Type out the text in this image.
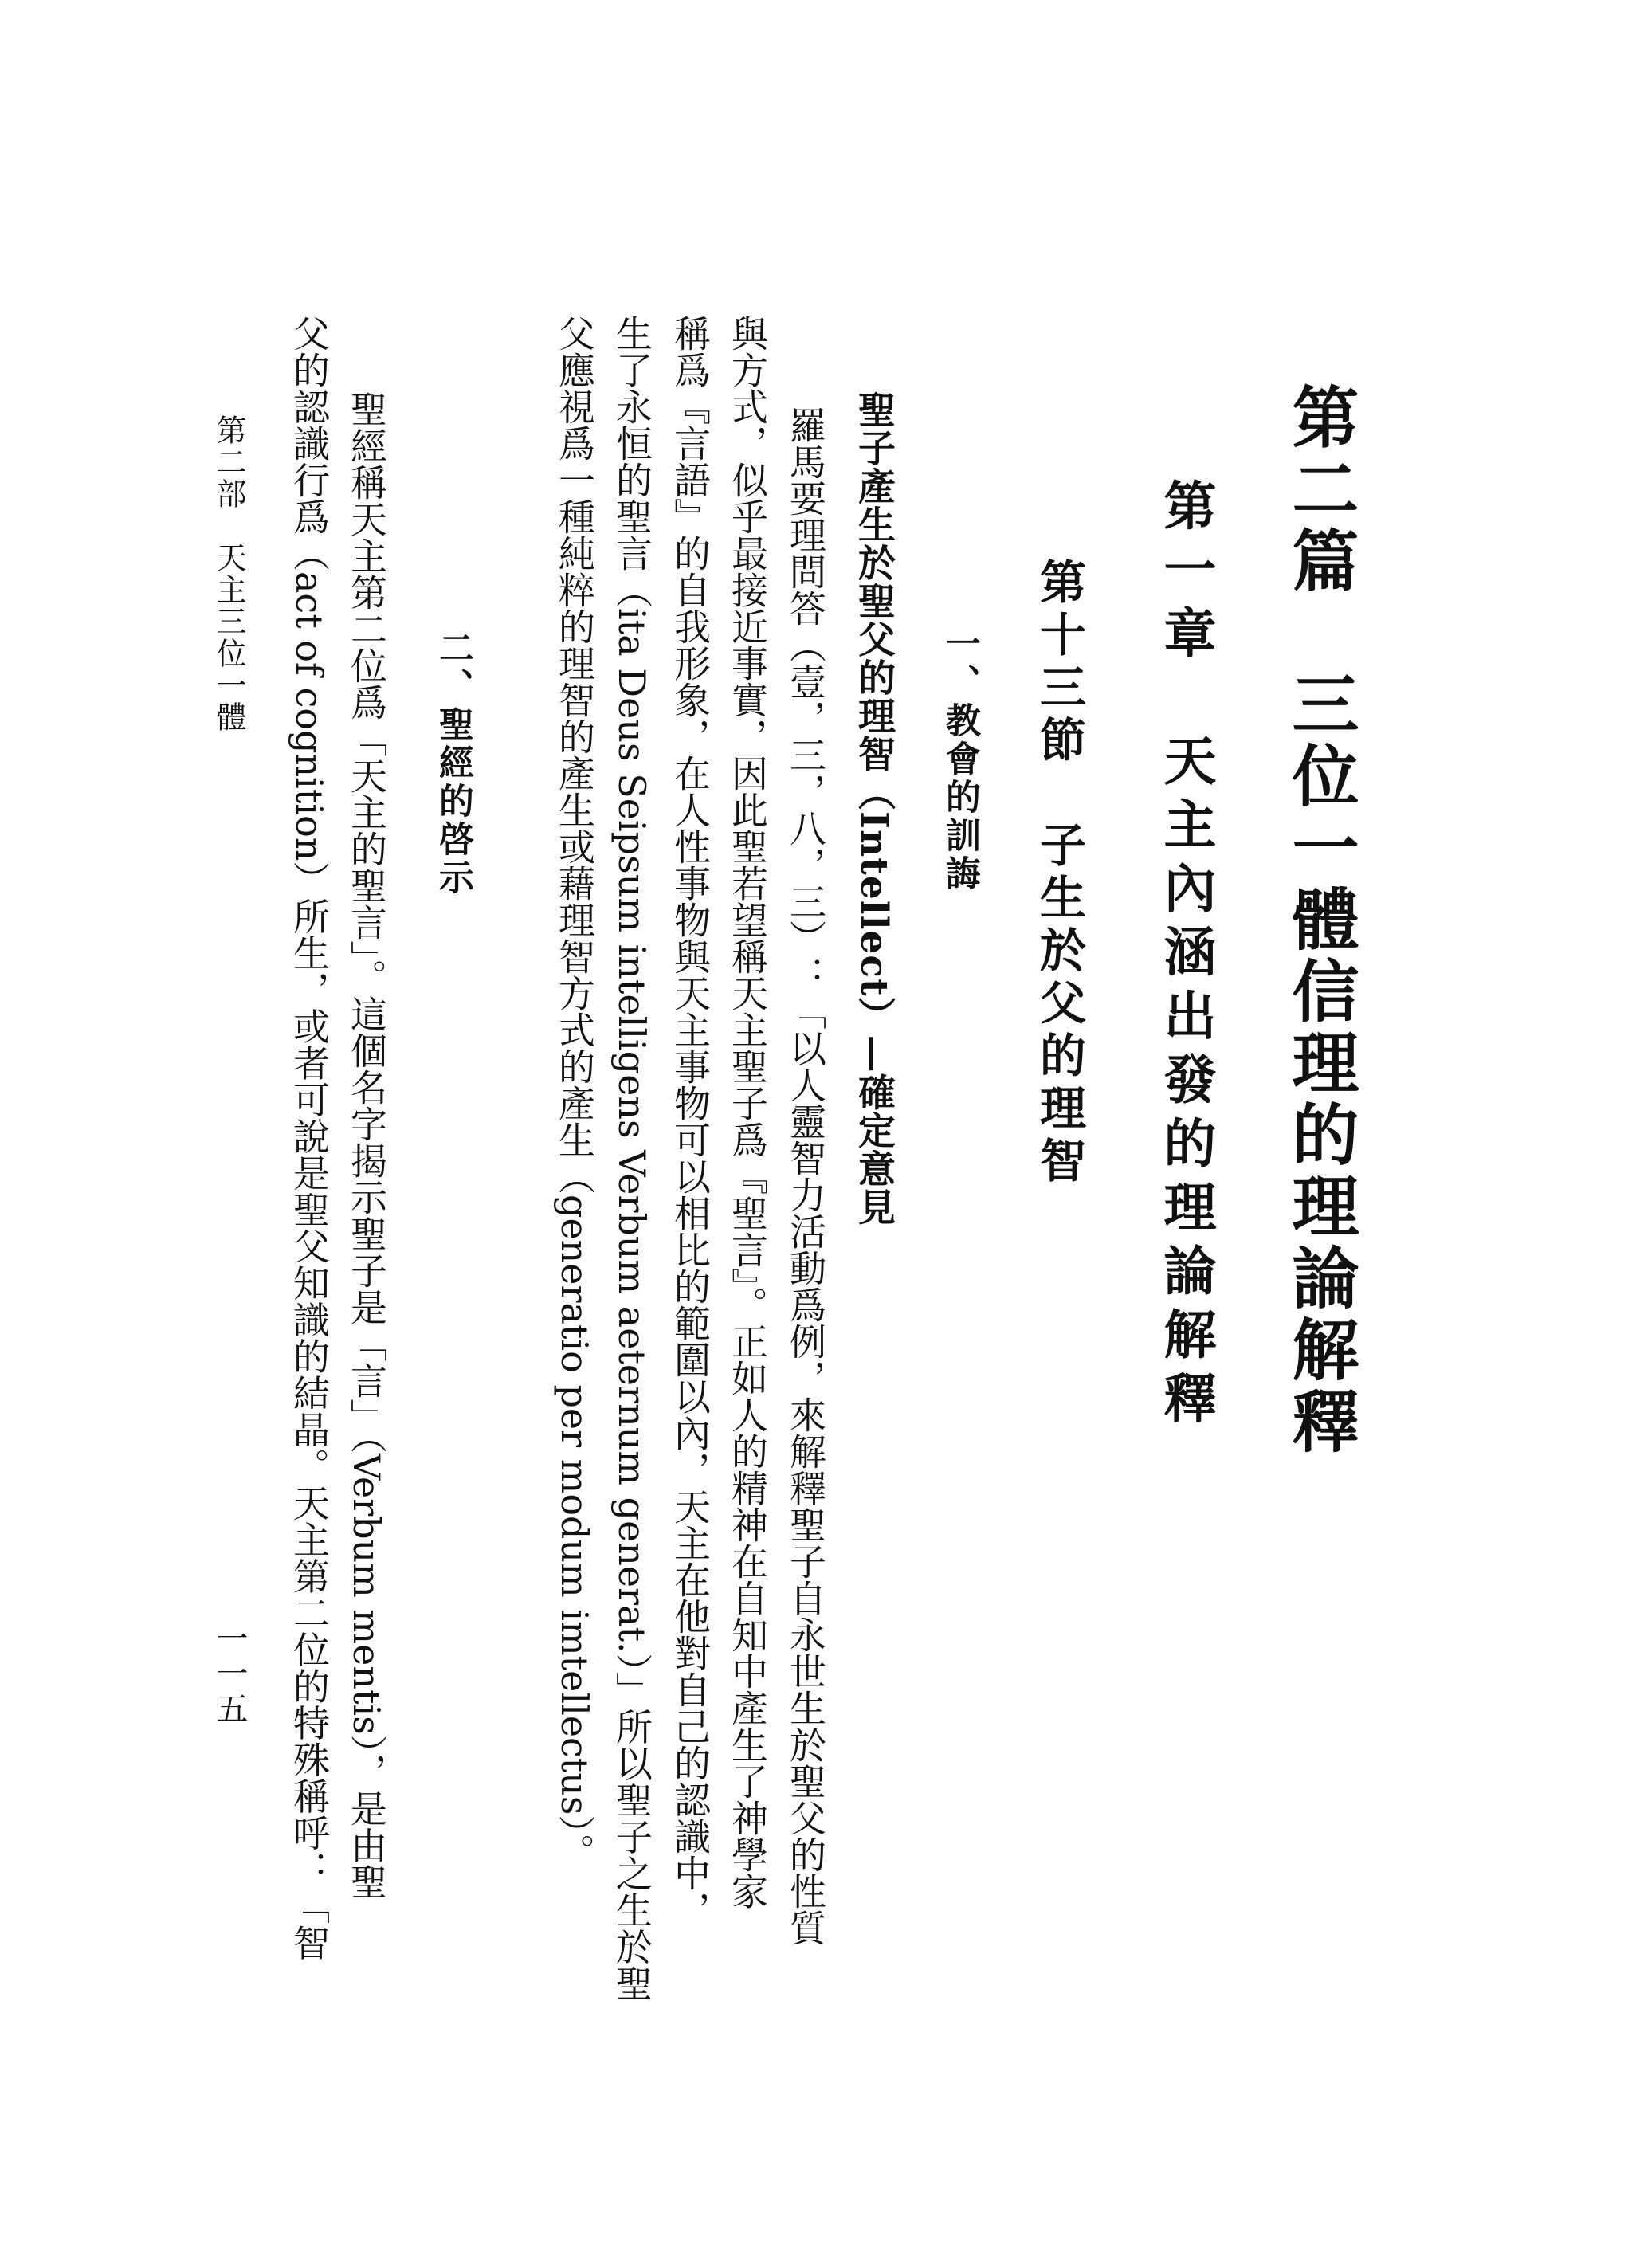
第二篇　三位一體信理的理論解釋
第一章　天主內涵出發的理論解釋
第十三節　子生於父的理智
一、教會的訓誨
聖子產生於聖父的理智（Intellect）—確定意見
羅馬要理問答（壹，三，八，三）：「以人靈智力活動爲例，來解釋聖子自永世生於聖父的性質
與方式，似乎最接近事實，因此聖若望稱天主聖子爲『聖言』。正如人的精神在自知中產生了神學家
稱爲『言語』的自我形象，在人性事物與天主事物可以相比的範圍以內，天主在他對自己的認識中，
生了永恒的聖言（ita Deus Seipsum intelligens Verbum aeternum generat.）」所以聖子之生於聖
父應視爲一種純粹的理智的產生或藉理智方式的產生（generatio per modum imtellectus）。
二、聖經的啓示
聖經稱天主第二位爲「天主的聖言」。這個名字揭示聖子是「言」（Verbum mentis），是由聖
父的認識行爲（act of cognition）所生，或者可說是聖父知識的結晶。天主第二位的特殊稱呼：「智
第二部　天主三位一體
一一五
